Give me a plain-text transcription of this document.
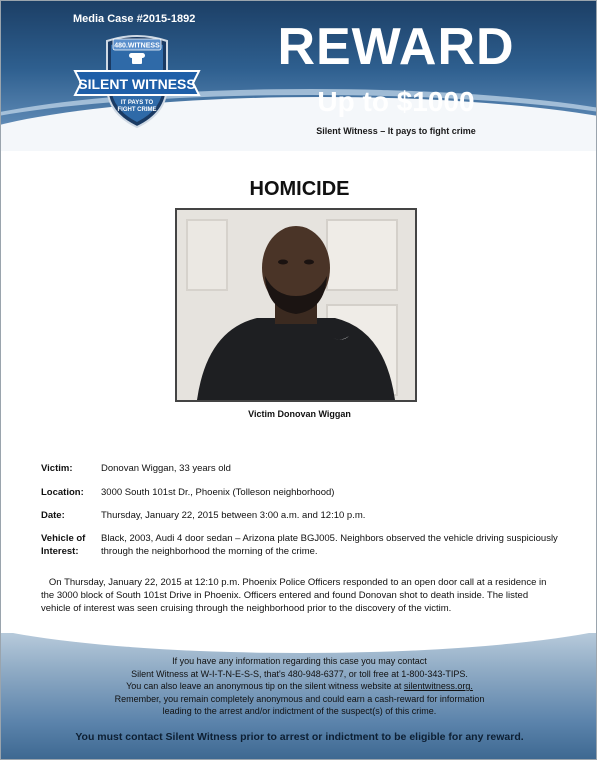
Media Case #2015-1892
480.WITNESS
SILENT WITNESS
IT PAYS TO
FIGHT CRIME
REWARD
Up to $1000
Silent Witness – It pays to fight crime
HOMICIDE
Victim Donovan Wiggan
Victim:	Donovan Wiggan, 33 years old
Location:	3000 South 101st Dr., Phoenix (Tolleson neighborhood)
Date:	Thursday, January 22, 2015 between 3:00 a.m. and 12:10 p.m.
Vehicle of
Interest:
Black, 2003, Audi 4 door sedan – Arizona plate BGJ005. Neighbors observed the vehicle driving suspiciously through the neighborhood the morning of the crime.
On Thursday, January 22, 2015 at 12:10 p.m. Phoenix Police Officers responded to an open door call at a residence in the 3000 block of South 101st Drive in Phoenix. Officers entered and found Donovan shot to death inside. The listed vehicle of interest was seen cruising through the neighborhood prior to the discovery of the victim.
If you have any information regarding this case you may contact
Silent Witness at W-I-T-N-E-S-S, that's 480-948-6377, or toll free at 1-800-343-TIPS.
You can also leave an anonymous tip on the silent witness website at silentwitness.org.
Remember, you remain completely anonymous and could earn a cash-reward for information
leading to the arrest and/or indictment of the suspect(s) of this crime.
You must contact Silent Witness prior to arrest or indictment to be eligible for any reward.
